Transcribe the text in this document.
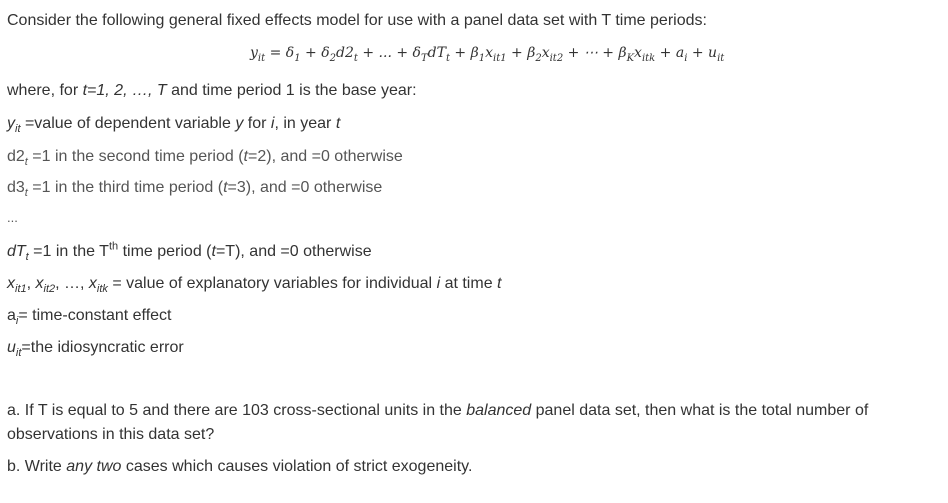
Consider the following general fixed effects model for use with a panel data set with T time periods:
$y_{it} = \delta_1 + \delta_2d2_t$ + ... + $\delta_TdT_t + \beta_1x_{it1} + \beta_2x_{it2}$ + ⋯ + $\beta_Kx_{itk} + a_i + u_{it}$
where, for t=1, 2, …, T and time period 1 is the base year:
$y_{it}$ =value of dependent variable y for i, in year t
$d2_t =1$ in the second time period (t=2), and =0 otherwise
$d3_t =1$ in the third time period (t=3), and =0 otherwise
...
$dT_t =1$ in the $T^{th}$ time period (t=T), and =0 otherwise
$x_{it1}$, $x_{it2}$, …, $x_{itk}$ = value of explanatory variables for individual i at time t
$a_i=$ time-constant effect
$u_{it}=the$ idiosyncratic error
a. If T is equal to 5 and there are 103 cross-sectional units in the balanced panel data set, then what is the total number of observations in this data set?
b. Write any two cases which causes violation of strict exogeneity.
